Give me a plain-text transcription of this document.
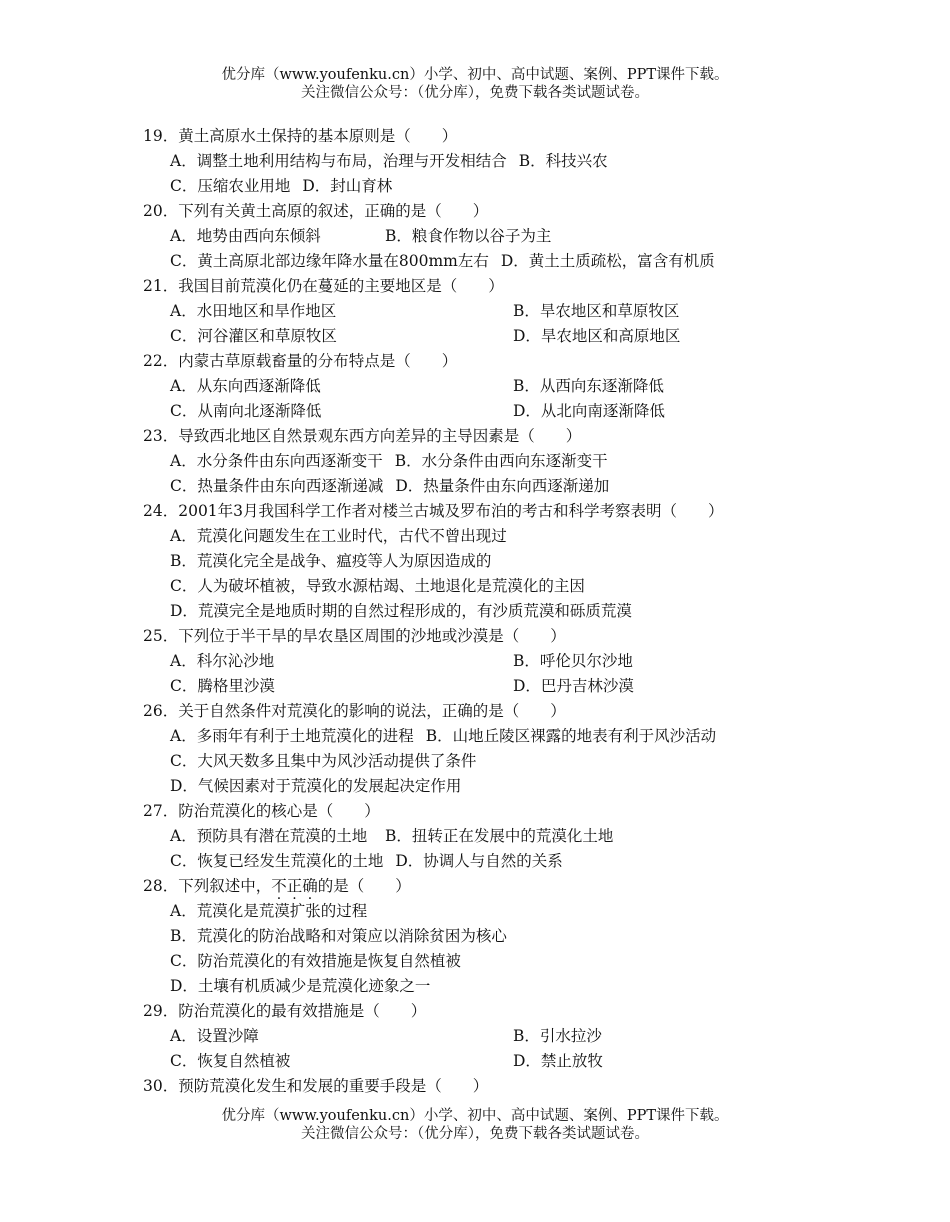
优分库（www.youfenku.cn）小学、初中、高中试题、案例、PPT课件下载。
关注微信公众号：（优分库），免费下载各类试题试卷。
19．黄土高原水土保持的基本原则是（　　）
A．调整土地利用结构与布局，治理与开发相结合 B．科技兴农
C．压缩农业用地 D．封山育林
20．下列有关黄土高原的叙述，正确的是（　　）
A．地势由西向东倾斜	B．粮食作物以谷子为主
C．黄土高原北部边缘年降水量在800mm左右 D．黄土土质疏松，富含有机质
21．我国目前荒漠化仍在蔓延的主要地区是（　　）
A．水田地区和旱作地区	B．旱农地区和草原牧区
C．河谷灌区和草原牧区	D．旱农地区和高原地区
22．内蒙古草原载畜量的分布特点是（　　）
A．从东向西逐渐降低	B．从西向东逐渐降低
C．从南向北逐渐降低	D．从北向南逐渐降低
23．导致西北地区自然景观东西方向差异的主导因素是（　　）
A．水分条件由东向西逐渐变干 B．水分条件由西向东逐渐变干
C．热量条件由东向西逐渐递减 D．热量条件由东向西逐渐递加
24．2001年3月我国科学工作者对楼兰古城及罗布泊的考古和科学考察表明（　　）
A．荒漠化问题发生在工业时代，古代不曾出现过
B．荒漠化完全是战争、瘟疫等人为原因造成的
C．人为破坏植被，导致水源枯竭、土地退化是荒漠化的主因
D．荒漠完全是地质时期的自然过程形成的，有沙质荒漠和砾质荒漠
25．下列位于半干旱的旱农垦区周围的沙地或沙漠是（　　）
A．科尔沁沙地	B．呼伦贝尔沙地
C．腾格里沙漠	D．巴丹吉林沙漠
26．关于自然条件对荒漠化的影响的说法，正确的是（　　）
A．多雨年有利于土地荒漠化的进程 B．山地丘陵区裸露的地表有利于风沙活动
C．大风天数多且集中为风沙活动提供了条件
D．气候因素对于荒漠化的发展起决定作用
27．防治荒漠化的核心是（　　）
A．预防具有潜在荒漠的土地 B．扭转正在发展中的荒漠化土地
C．恢复已经发生荒漠化的土地 D．协调人与自然的关系
28．下列叙述中，不正确的是（　　）
A．荒漠化是荒漠扩张的过程
B．荒漠化的防治战略和对策应以消除贫困为核心
C．防治荒漠化的有效措施是恢复自然植被
D．土壤有机质减少是荒漠化迹象之一
29．防治荒漠化的最有效措施是（　　）
A．设置沙障	B．引水拉沙
C．恢复自然植被	D．禁止放牧
30．预防荒漠化发生和发展的重要手段是（　　）
优分库（www.youfenku.cn）小学、初中、高中试题、案例、PPT课件下载。
关注微信公众号：（优分库），免费下载各类试题试卷。
